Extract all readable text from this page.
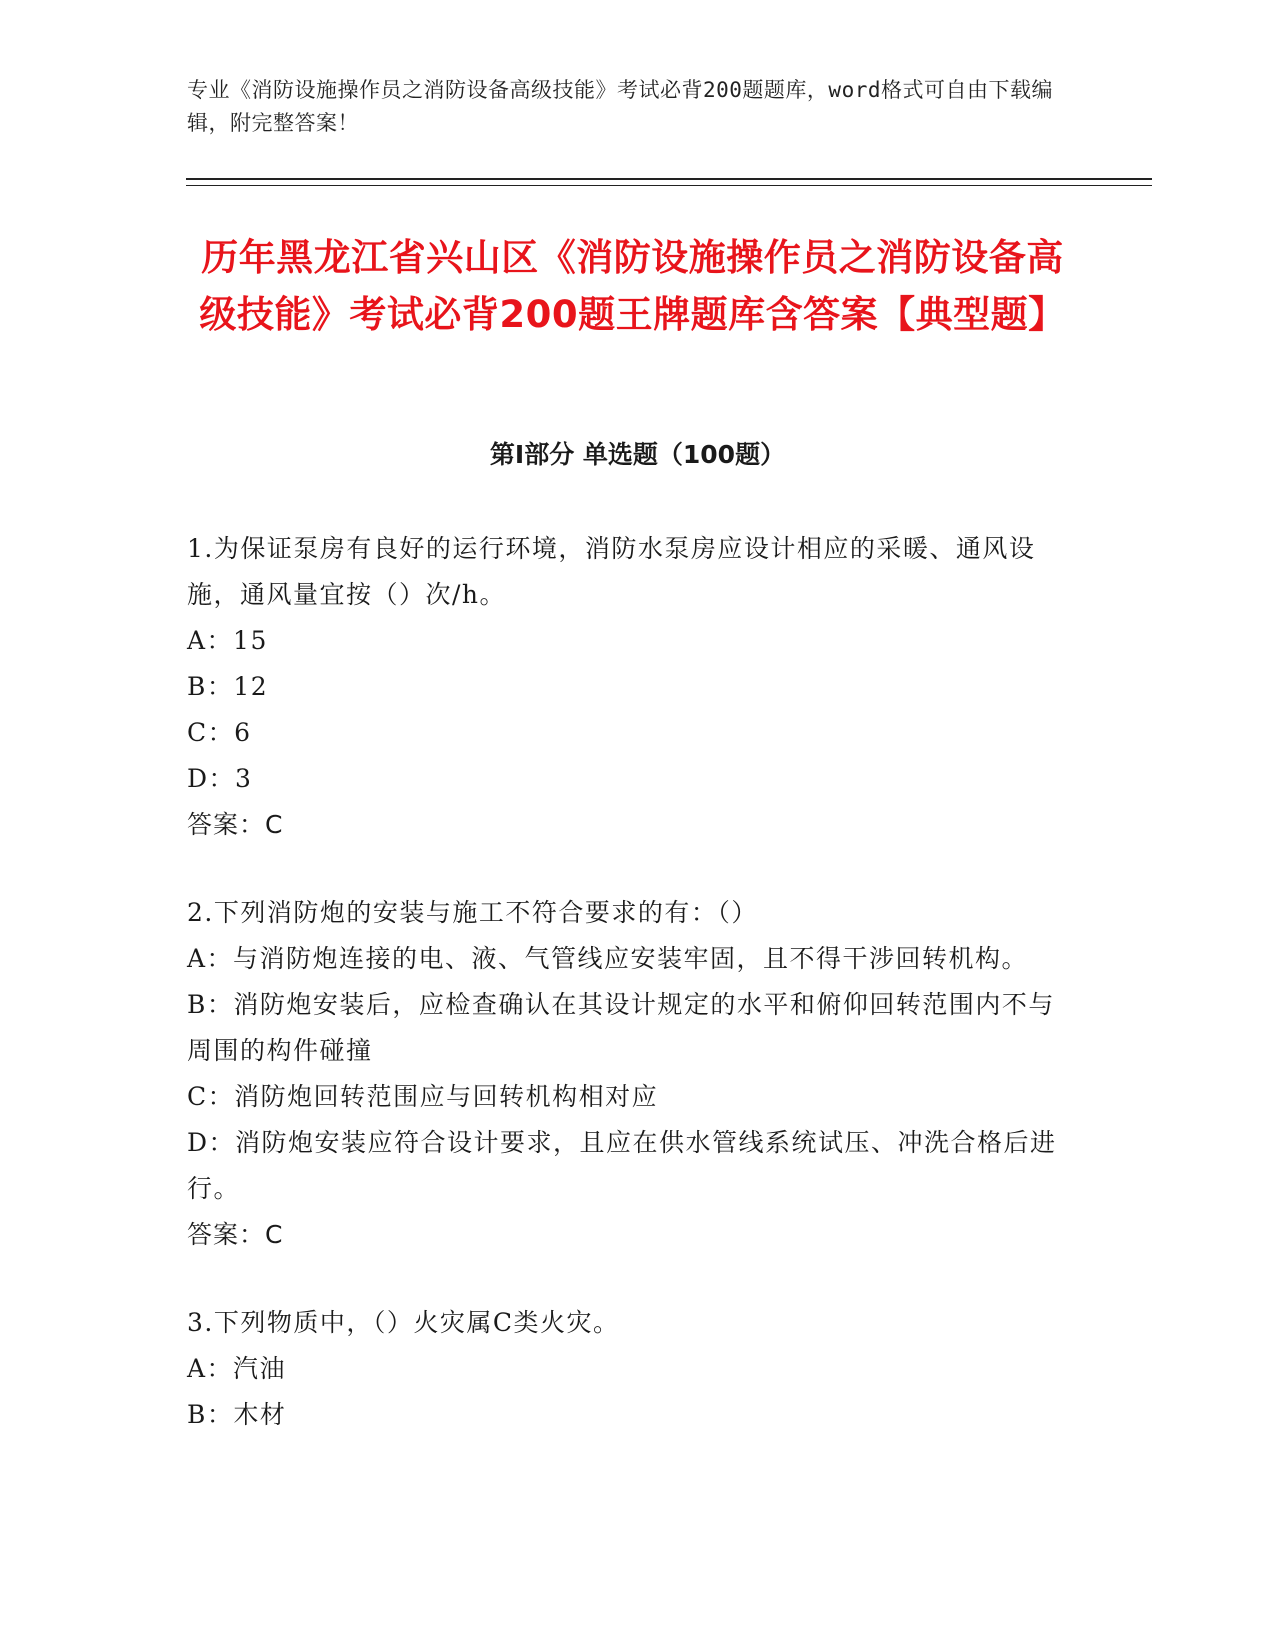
专业《消防设施操作员之消防设备高级技能》考试必背200题题库，word格式可自由下载编辑，附完整答案！
历年黑龙江省兴山区《消防设施操作员之消防设备高级技能》考试必背200题王牌题库含答案【典型题】
第Ⅰ部分 单选题（100题）
1.为保证泵房有良好的运行环境，消防水泵房应设计相应的采暖、通风设施，通风量宜按（）次/h。
A：15
B：12
C：6
D：3
答案：C
2.下列消防炮的安装与施工不符合要求的有：（）
A：与消防炮连接的电、液、气管线应安装牢固，且不得干涉回转机构。
B：消防炮安装后，应检查确认在其设计规定的水平和俯仰回转范围内不与周围的构件碰撞
C：消防炮回转范围应与回转机构相对应
D：消防炮安装应符合设计要求，且应在供水管线系统试压、冲洗合格后进行。
答案：C
3.下列物质中，（）火灾属C类火灾。
A：汽油
B：木材
